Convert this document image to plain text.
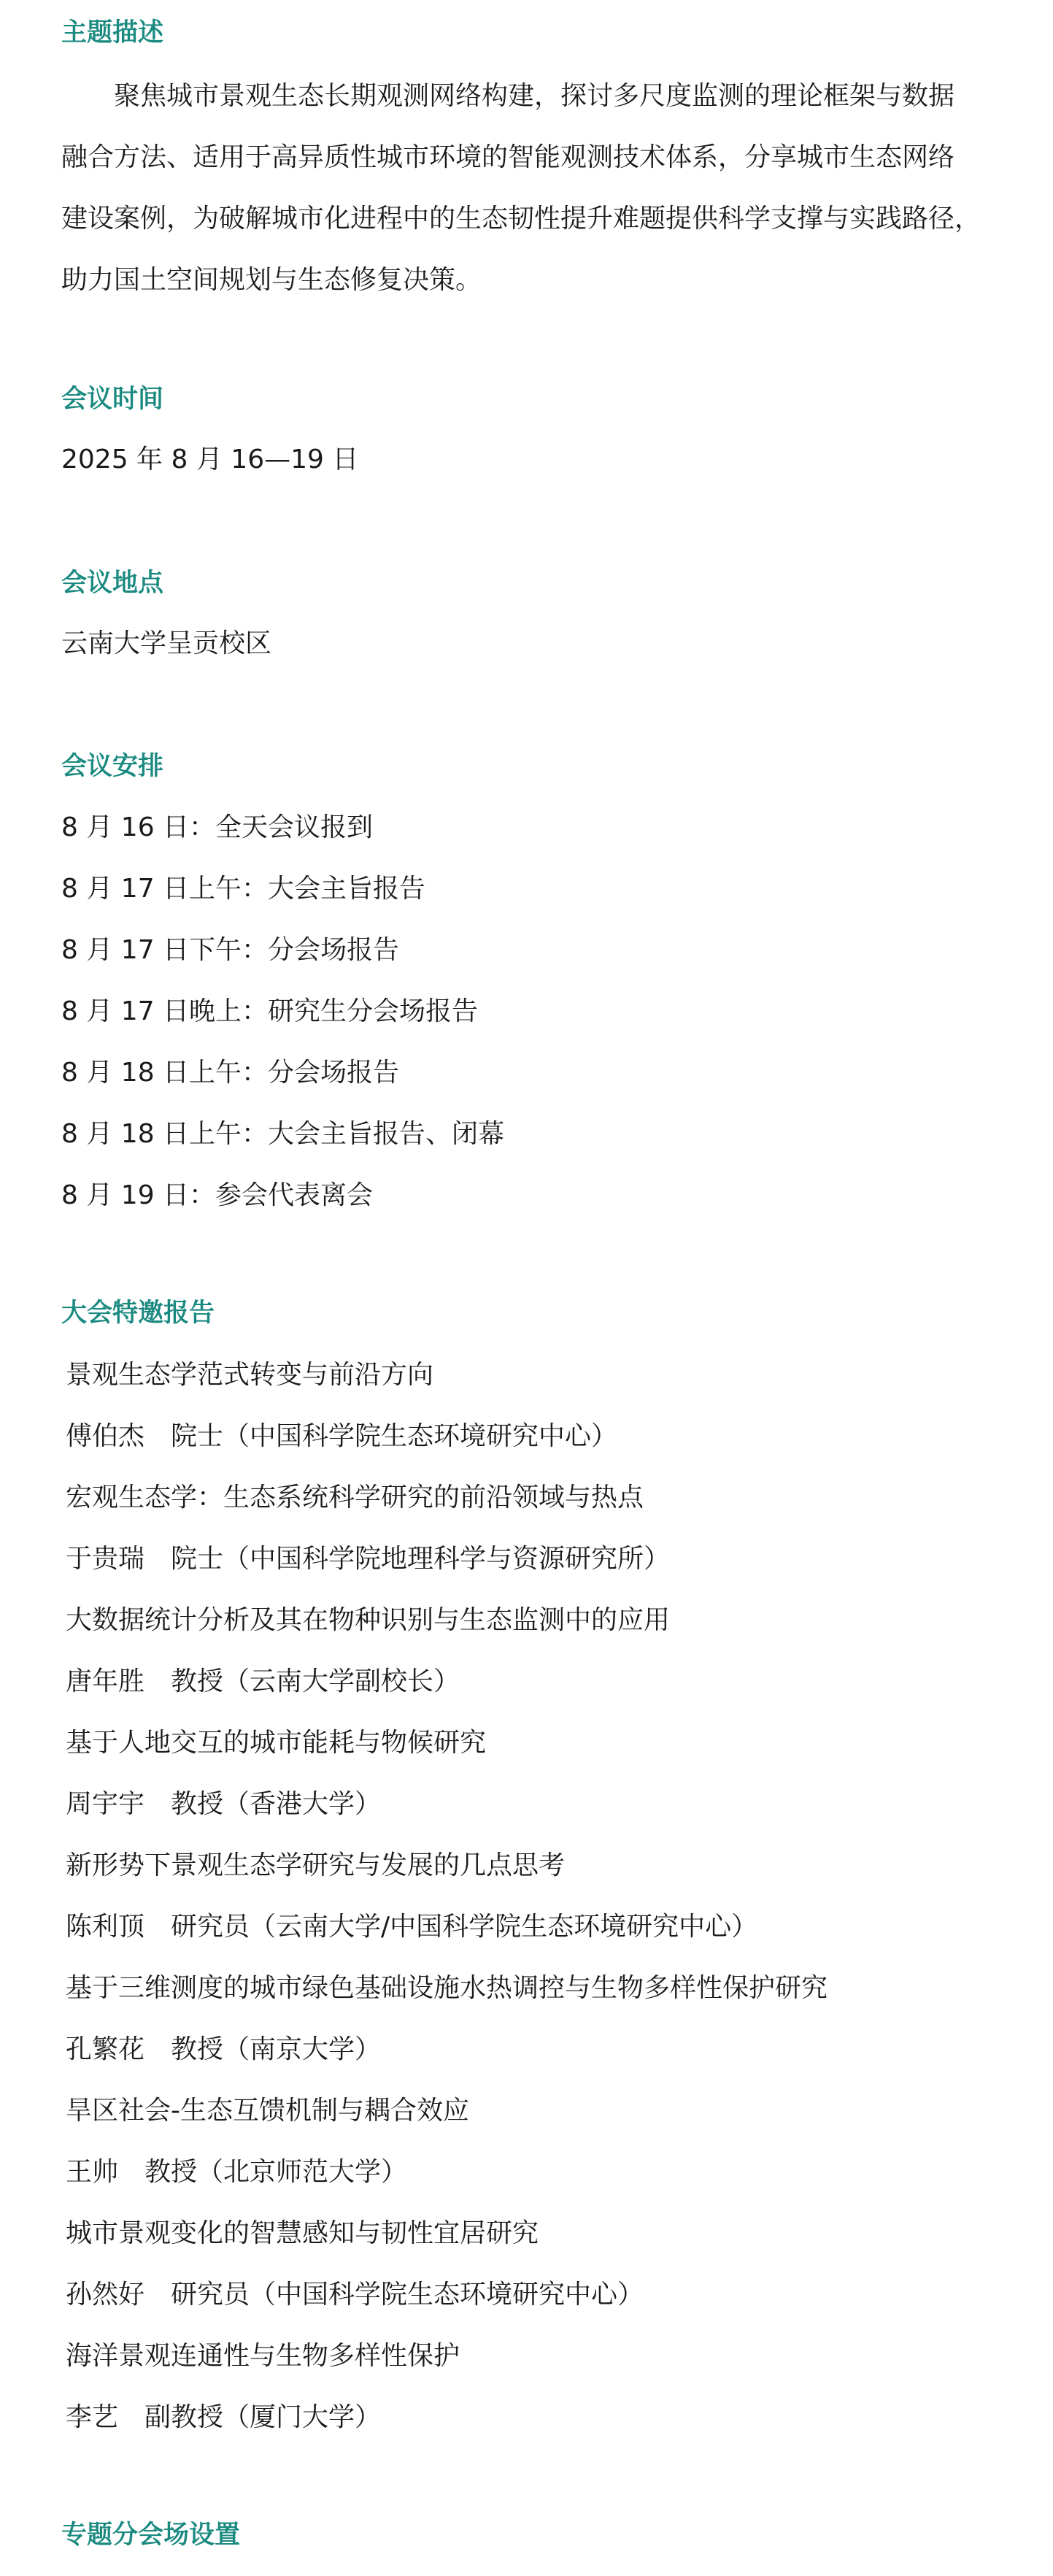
主题描述
聚焦城市景观生态长期观测网络构建，探讨多尺度监测的理论框架与数据
融合方法、适用于高异质性城市环境的智能观测技术体系，分享城市生态网络
建设案例，为破解城市化进程中的生态韧性提升难题提供科学支撑与实践路径，
助力国土空间规划与生态修复决策。
会议时间

2025 年 8 月 16—19 日

会议地点

云南大学呈贡校区

会议安排

8 月 16 日：全天会议报到

8 月 17 日上午：大会主旨报告

8 月 17 日下午：分会场报告

8 月 17 日晚上：研究生分会场报告

8 月 18 日上午：分会场报告

8 月 18 日上午：大会主旨报告、闭幕

8 月 19 日：参会代表离会

大会特邀报告

景观生态学范式转变与前沿方向

傅伯杰 院士（中国科学院生态环境研究中心）

宏观生态学：生态系统科学研究的前沿领域与热点

于贵瑞 院士（中国科学院地理科学与资源研究所）

大数据统计分析及其在物种识别与生态监测中的应用

唐年胜 教授（云南大学副校长）

基于人地交互的城市能耗与物候研究

周宇宇 教授（香港大学）

新形势下景观生态学研究与发展的几点思考

陈利顶 研究员（云南大学/中国科学院生态环境研究中心）

基于三维测度的城市绿色基础设施水热调控与生物多样性保护研究

孔繁花 教授（南京大学）

旱区社会-生态互馈机制与耦合效应

王帅 教授（北京师范大学）

城市景观变化的智慧感知与韧性宜居研究

孙然好 研究员（中国科学院生态环境研究中心）

海洋景观连通性与生物多样性保护

李艺 副教授（厦门大学）

专题分会场设置
